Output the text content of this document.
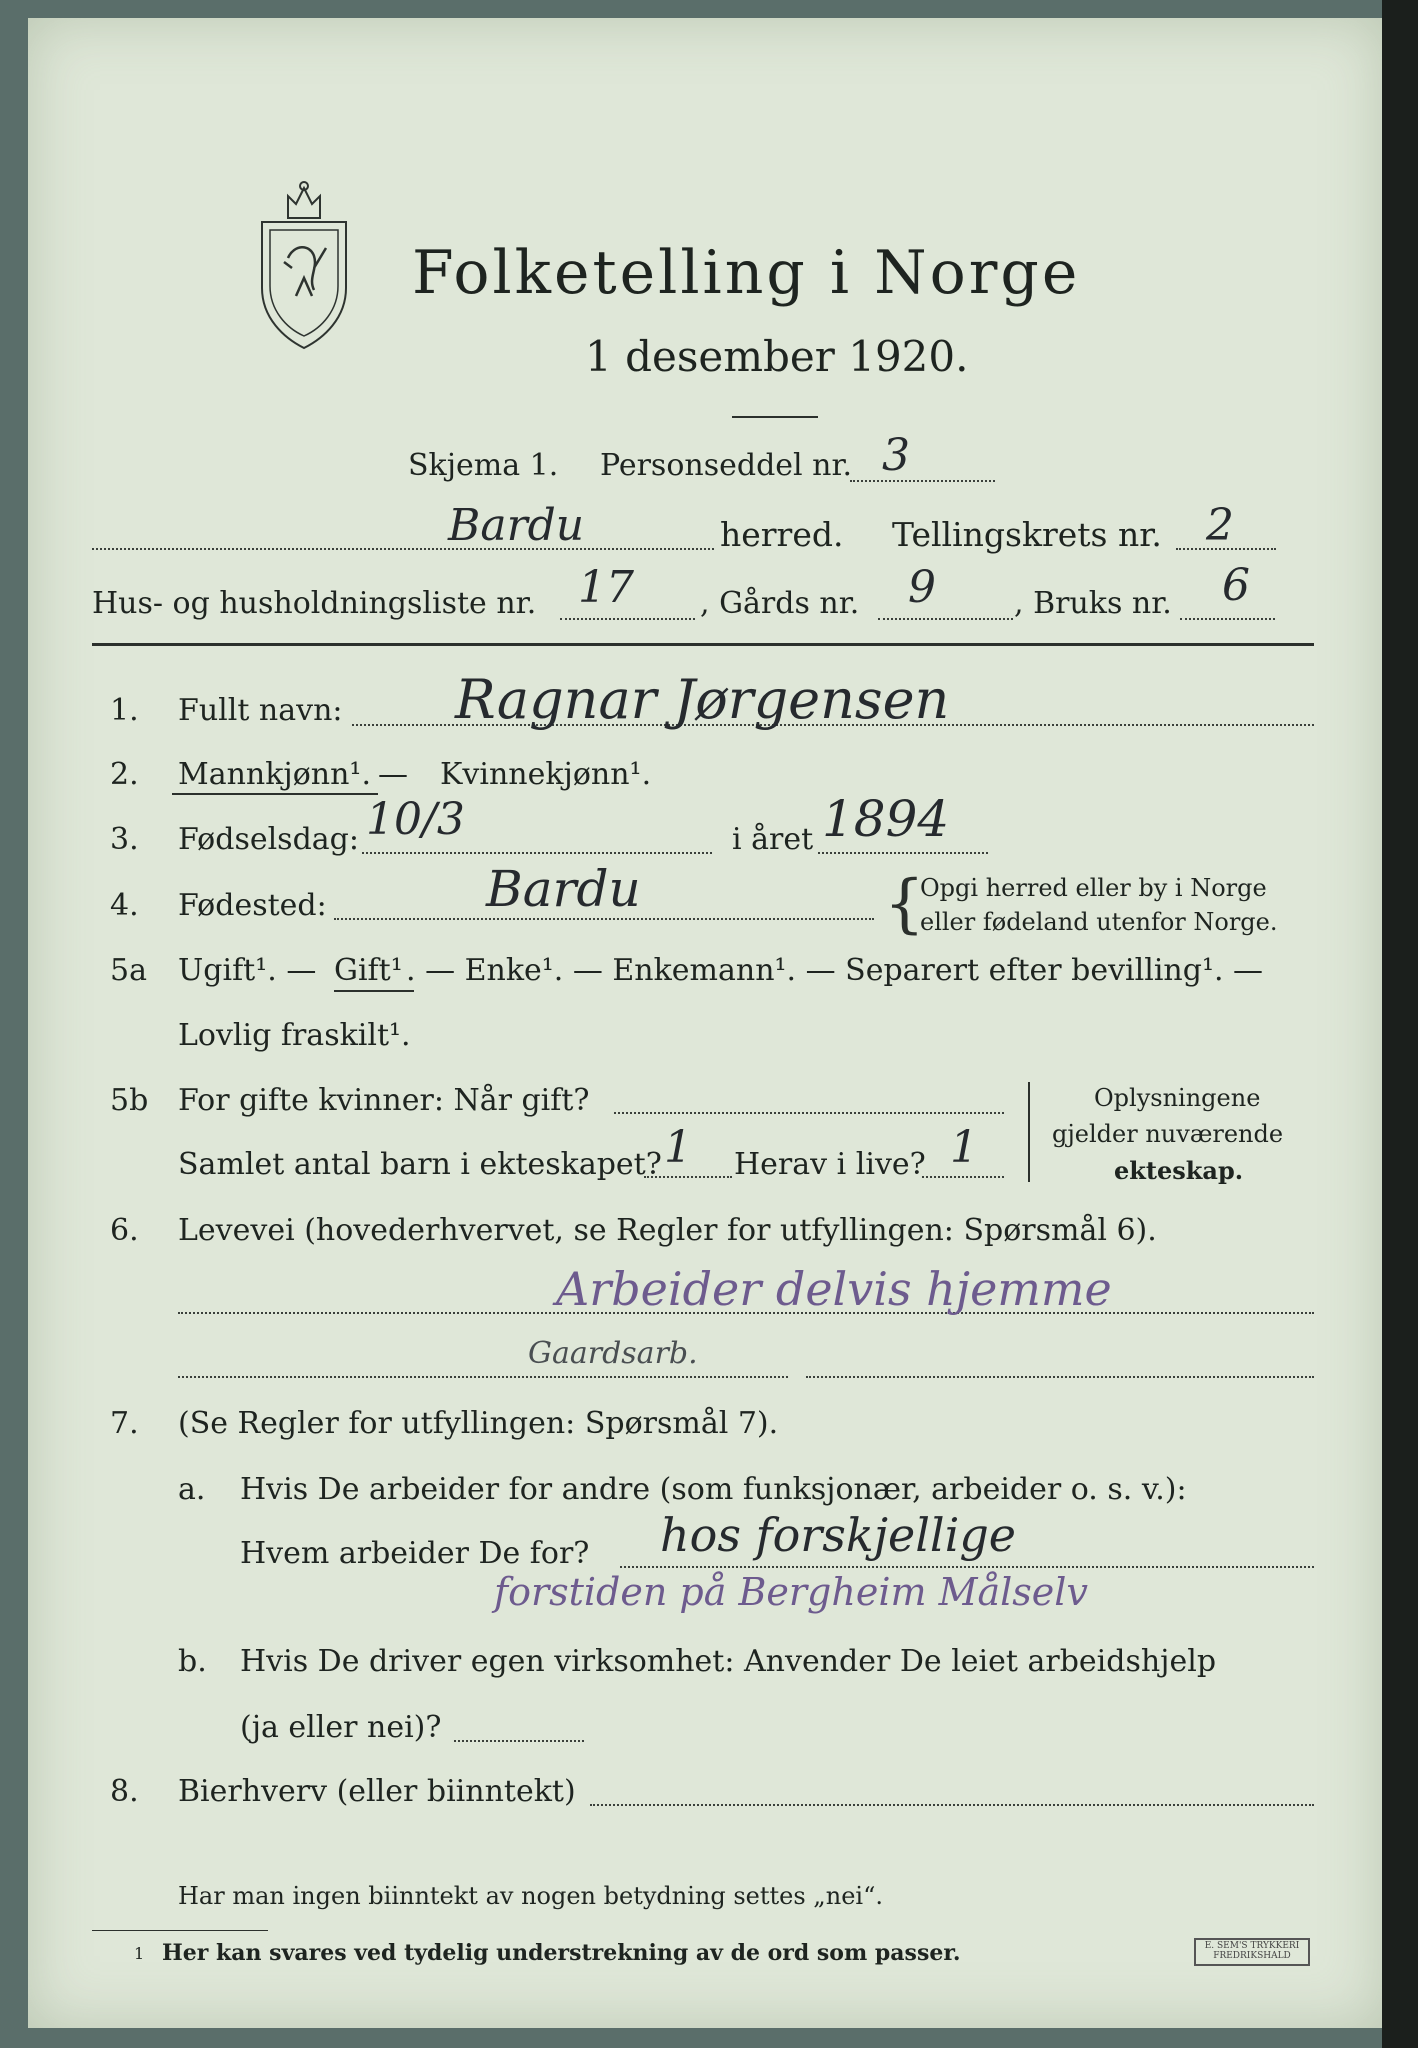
Folketelling i Norge
1 desember 1920.
Skjema 1. Personseddel nr. 3
Bardu	herred. Tellingskrets nr. 2
Hus- og husholdningsliste nr. 17 , Gårds nr. 9	, Bruks nr. 6
1. Fullt navn: Ragnar Jørgensen
2. Mannkjønn¹. — Kvinnekjønn¹.
3. Fødselsdag: 10/3	i året 1894
4. Fødested:	Bardu	{
Opgi herred eller by i Norge
eller fødeland utenfor Norge.
5a Ugift¹. — Gift¹ . — Enke¹. — Enkemann¹. — Separert efter bevilling¹. —
Lovlig fraskilt¹.
5b For gifte kvinner: Når gift?
Samlet antal barn i ekteskapet? 1 Herav i live? 1
Oplysningene
gjelder nuværende
ekteskap.
6. Levevei (hovederhvervet, se Regler for utfyllingen: Spørsmål 6).
Arbeider delvis hjemme
Gaardsarb.
7. (Se Regler for utfyllingen: Spørsmål 7).
a. Hvis De arbeider for andre (som funksjonær, arbeider o. s. v.):
Hvem arbeider De for? hos forskjellige
forstiden på Bergheim Målselv
b. Hvis De driver egen virksomhet: Anvender De leiet arbeidshjelp
(ja eller nei)?
8. Bierhverv (eller biinntekt)
Har man ingen biinntekt av nogen betydning settes „nei“.
1 Her kan svares ved tydelig understrekning av de ord som passer.	E. SEM'S TRYKKERI FREDRIKSHALD
